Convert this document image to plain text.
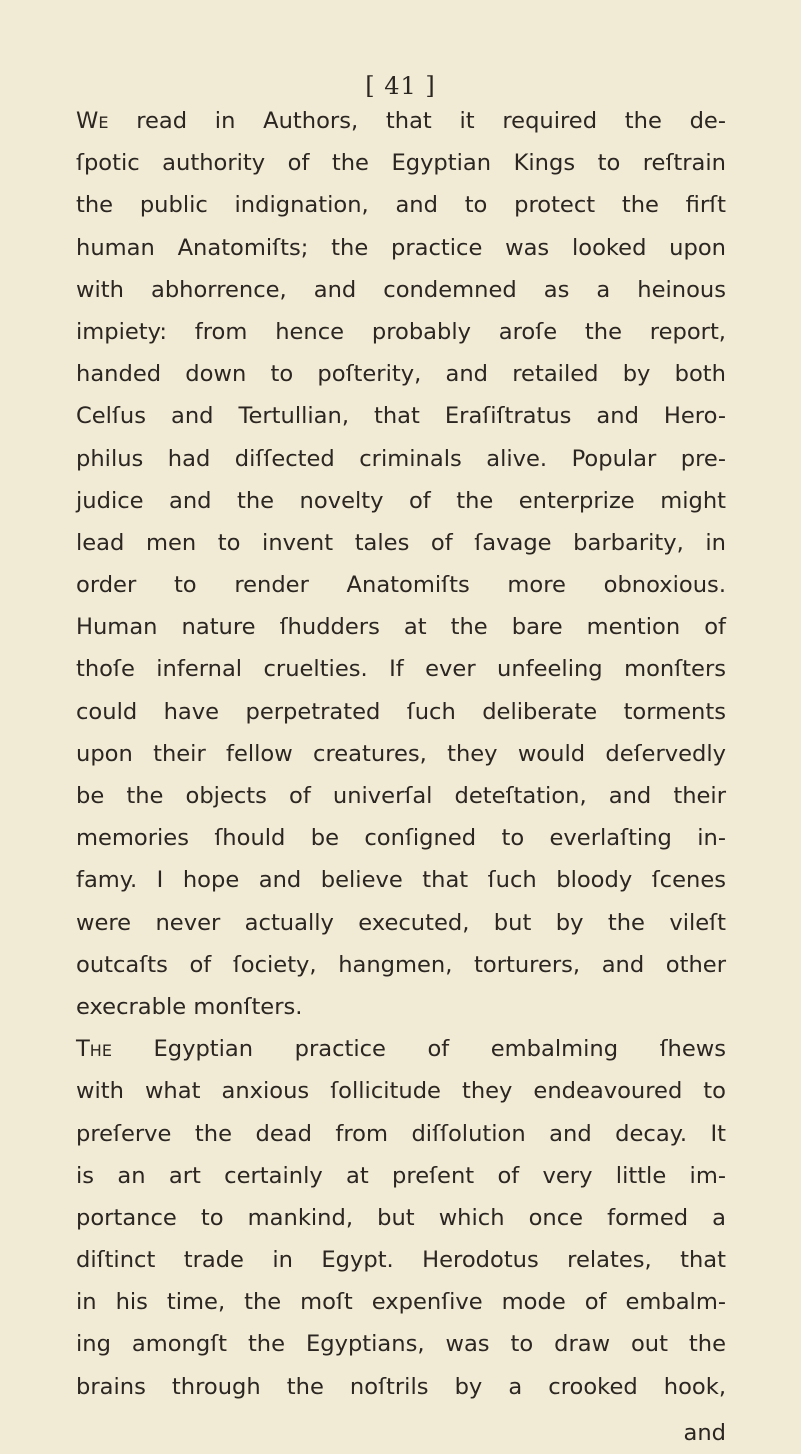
[ 41 ]
We read in Authors, that it required the de-
ſpotic authority of the Egyptian Kings to reſtrain
the public indignation, and to protect the firſt
human Anatomiſts; the practice was looked upon
with abhorrence, and condemned as a heinous
impiety: from hence probably aroſe the report,
handed down to poſterity, and retailed by both
Celſus and Tertullian, that Eraſiſtratus and Hero-
philus had diſſected criminals alive. Popular pre-
judice and the novelty of the enterprize might
lead men to invent tales of ſavage barbarity, in
order to render Anatomiſts more obnoxious.
Human nature ſhudders at the bare mention of
thoſe infernal cruelties. If ever unfeeling monſters
could have perpetrated ſuch deliberate torments
upon their fellow creatures, they would deſervedly
be the objects of univerſal deteſtation, and their
memories ſhould be conſigned to everlaſting in-
famy. I hope and believe that ſuch bloody ſcenes
were never actually executed, but by the vileſt
outcaſts of ſociety, hangmen, torturers, and other
execrable monſters.
The Egyptian practice of embalming ſhews
with what anxious ſollicitude they endeavoured to
preſerve the dead from diſſolution and decay. It
is an art certainly at preſent of very little im-
portance to mankind, but which once formed a
diſtinct trade in Egypt. Herodotus relates, that
in his time, the moſt expenſive mode of embalm-
ing amongſt the Egyptians, was to draw out the
brains through the noſtrils by a crooked hook,
and
